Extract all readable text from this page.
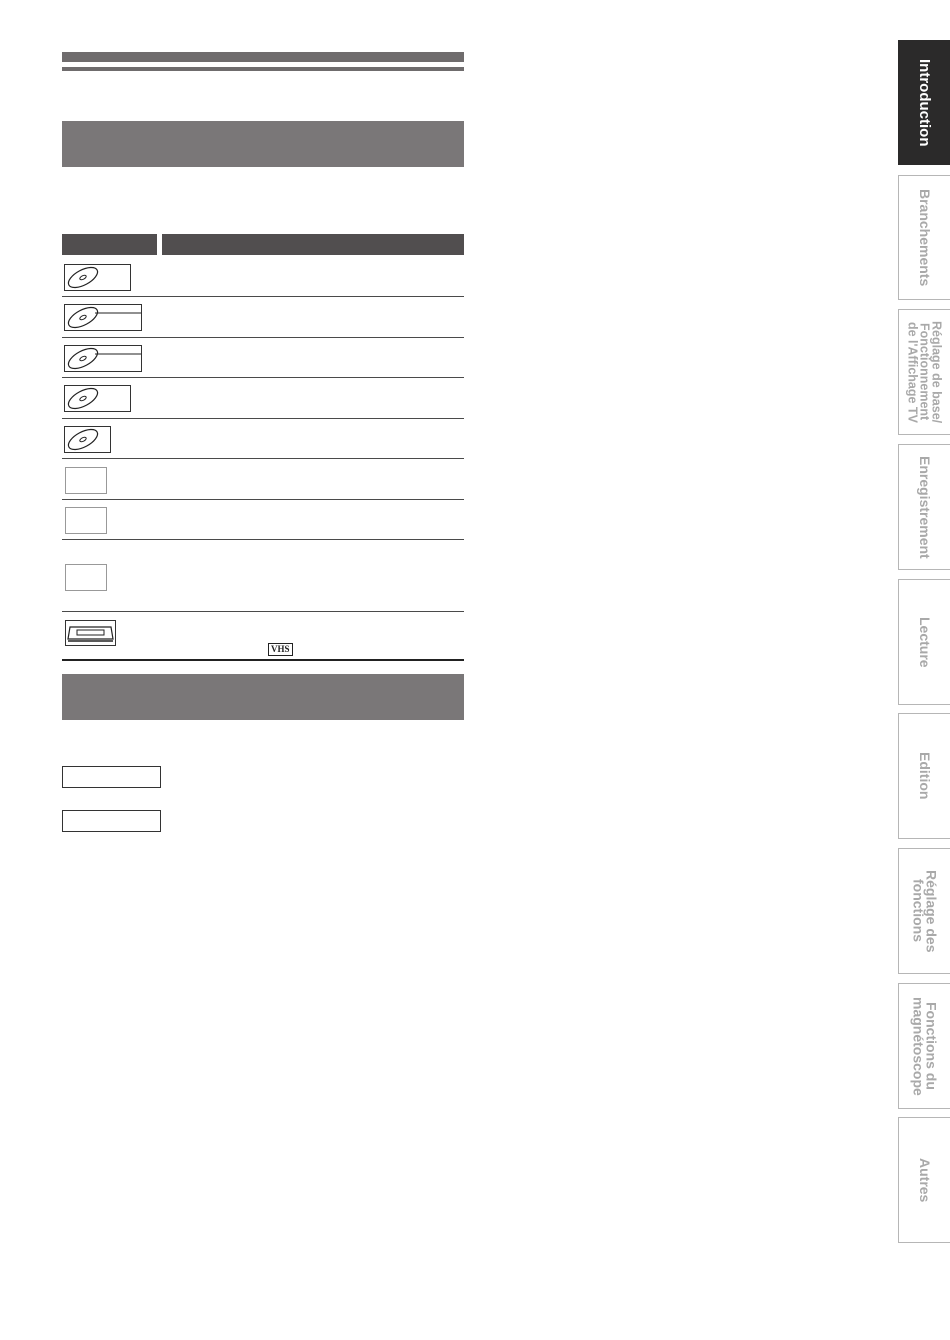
VHS
Introduction
Branchements
Réglage de base/
Fonctionnement
de l'Affichage TV
Enregistrement
Lecture
Edition
Réglage des
fonctions
Fonctions du
magnétoscope
Autres
